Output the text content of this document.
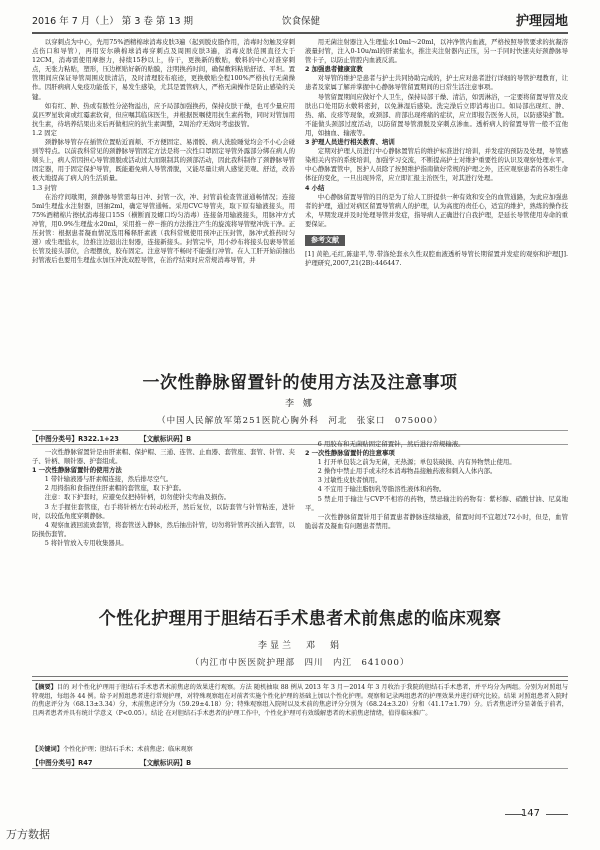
2016 年 7 月（上） 第 3 卷 第 13 期	饮食保健	护理园地

以穿刺点为中心，先用75%酒精棉球消毒皮肤3遍（起到脱皮脂作用，消毒时勿触及穿刺点伤口和导管），再用安尔碘棉球消毒穿刺点及周围皮肤3遍，消毒皮肤范围直径大于12CM，消毒需使用摩擦力，持续15秒以上，待干，更换新的敷贴，敷料的中心对准穿刺点，无张力粘贴，塑形，压边框贴好新的贴膜，注明换药时间，确保敷料粘贴舒适、平坦。置管期间应保证导管周围皮肤清洁，及时清理胶布痕迹，更换敷贴全程100%严格执行无菌操作。因肝病病人免疫功能低下，易发生感染，尤其是置管病人，严格无菌操作是防止感染的关键。

如有红、肿、热或有脓性分泌物溢出，应予局部加强换药，保持皮肤干燥，也可少量应用莫匹罗星软膏或红霉素软膏，但应嘱其临床医生，并根据医嘱使用抗生素药物，同时对管加用抗生素，待培养结果出来后再做相应的抗生素调整，2周治疗无效时考虑拔管。

1.2 固定

颈静脉导管存在插管位置贴近面颊、不方便固定、易滑脱、病人洗脸睡觉均会不小心会碰到等特点。以前我科常见的颈静脉导管固定方法是将一次性口罩固定导管外露部分绑在病人的颊头上，病人常因担心导管滑脱或活动过大而限制其的颈部活动，因此我科制作了颈静脉导管固定器，用于固定保护导管，既能避免病人导管滑脱，又能尽量让病人感觉美观、舒适，改善极大地提高了病人的生活质量。

1.3 封管

在治疗间歇期，颈静脉导管需每日冲、封管一次，冲、封管前检查管道通畅情况；连接5ml生理盐水注射器，回抽2ml，确定导管通畅。采用CVC导管夹，取下原有输液接头，用75%酒精棉片擦拭消毒接口15S（横断面及螺口均匀消毒）连接备用输液接头，用脉冲方式冲管，用0.9%生理盐水20ml，采用推－停－推的方法推注产生的旋流将导管壁冲洗干净。正压封管：根据患者凝血情况选用稀释肝素液（我科常规使用预冲正压封管，脉冲式推药时匀速）或生理盐水，边推注边退出注射器，连接新接头。封管完毕，用小纱布将接头包裹导管延长管及接头部位，合理摆放，胶布固定。注意导管不畅时不能强行冲管。在人工肝开始前抽出封管液后也要用生理盐水加压冲洗双腔导管，在治疗结束时应常规消毒导管，并

用无菌注射器注入生理盐水10ml～20ml，以冲净管内血液，严格按照导管要求的抗凝溶液量封管，注入0-10u/ml的肝素盐水，推注夹注射器内正压，另一手同时快速夹好颈静脉导管卡子，以防止管腔内血液反流。

2 加强患者健康宣教

对导管的维护是患者与护士共同协助完成的，护士应对患者进行详细的导管护理教育，让患者及家属了解并掌握中心静脉导管留置期间的日常生活注意事项。

导管留置期间应做好个人卫生，保持局部干燥、清洁，如需淋浴，一定要将留置导管及皮肤出口处用防水敷料密封，以免淋湿后感染。洗完澡后立即消毒出口。如局部出现红、肿、热、痛、皮疹等现象，或颈部、肩部出现疼痛的症状，应立即报告医务人员，以防感染扩散。不能做头颈部过度活动，以防留置导管滑脱及穿刺点渗血。透析病人的留置导管一般不宜他用，如抽血、输液等。

3 护理人员进行相关教育、培训

定期对护理人员进行中心静脉置管后的维护标准进行培训，并发症的预防及处理，导管感染相关内容的系统培训，加强学习交流，不断提高护士对维护重要性的认识及观察处理水平。中心静脉置管中，医护人员除了按照维护指南做好常规的护理之外，还应观察患者的各项生命体征的变化，一旦出现异常，应立即汇报主治医生，对其进行处理。

4 小结

中心静脉留置导管的目的是为了给人工肝提供一种有效和安全的血管通路，为此应加强患者的护理，通过对病区留置导管病人的护理，认为高度的责任心，适宜的维护，熟练的操作技术，早期发现并及时处理导管并发症，指导病人正确进行自我护理，是延长导管使用寿命的重要保证。

参考文献

[1] 黄艳,毛红,陈建平,等.带涤纶套永久性双腔血液透析导管长期留置并发症的观察和护理[J].护理研究,2007,21(2B):446447.

一次性静脉留置针的使用方法及注意事项
李 娜
（中国人民解放军第251医院心胸外科　河北　张家口　075000）
【中图分类号】R322.1+23	【文献标识码】B

一次性静脉留置针是由肝素帽、保护帽、三通、连管、止血器、套管座、套管、针管、夹子、针柄、顺针器、护套组成。

1 一次性静脉留置针的使用方法

1 带针输液器与肝素帽连接，然后排尽空气。

2 用拇指和食指捏住肝素帽的套管座，取下护套。

注意：取下护套时，应避免仅把持针柄，切勿使针尖弯曲及损伤。

3 左手握住套管座，右手将针柄左右转动松开，然后复位，以防套管与针管粘连，进针时，以较低角度穿刺静脉。

4 观察血液回流致套管，将套管送入静脉，然后抽出针管，切勿将针管再次插入套管，以防损伤套管。

5 将针管放入专用收集器具。

6 用胶布和无菌贴固定留置针，然后进行常规输液。

2 一次性静脉留置针的注意事项

1 打开单包装之前为无菌，无热源；单包装破损、内有异物禁止使用。

2 操作中禁止用手或未经本消毒物品接触药液和刺入人体内部。

3 过敏性皮肤者慎用。

4 不宜用于输注脂肪乳等脂溶性液体和药物。

5 禁止用于输注与CVP不相容的药物，禁忌输注的药物有：紫杉醇、硝酸甘油、尼莫地平。

一次性静脉留置针用于留置患者静脉连续输液，留置时间不宜超过72小时，但是，血管脆弱者及凝血有问题患者禁用。

个性化护理用于胆结石手术患者术前焦虑的临床观察
李显兰　邓　娟
（内江市中医医院护理部　四川　内江　641000）
【摘要】目的 对个性化护理用于胆结石手术患者术前焦虑的效果进行观察。方法 随机抽取 88 例从 2013 年 3 月～2014 年 3 月收治于我院的胆结石手术患者，并平均分为两组。分别为对照组与特观组，每组各 44 例。给予对照组患者进行常规护理，对特殊观察组在对前者实施个性化护理的基础上加以个性化护理。观察和记录两组患者的护理效果并进行研究比较。结果 对照组患者入院时的焦虑评分为（68.13±3.34）分，术前焦虑评分为（59.29±4.18）分；特殊观察组入院时以及术前的焦虑评分分别为（68.24±3.20）分和（41.17±1.79）分。后者焦虑评分显著低于前者，且两者患者并具有统计学意义（P<0.05）。结论 在对胆结石手术患者的护理工作中，个性化护理可有效缓解患者的术前焦虑情绪，值得临床推广。
【关键词】个性化护理；胆结石手术；术前焦虑；临床观察
【中图分类号】R47	【文献标识码】B
147
万方数据
